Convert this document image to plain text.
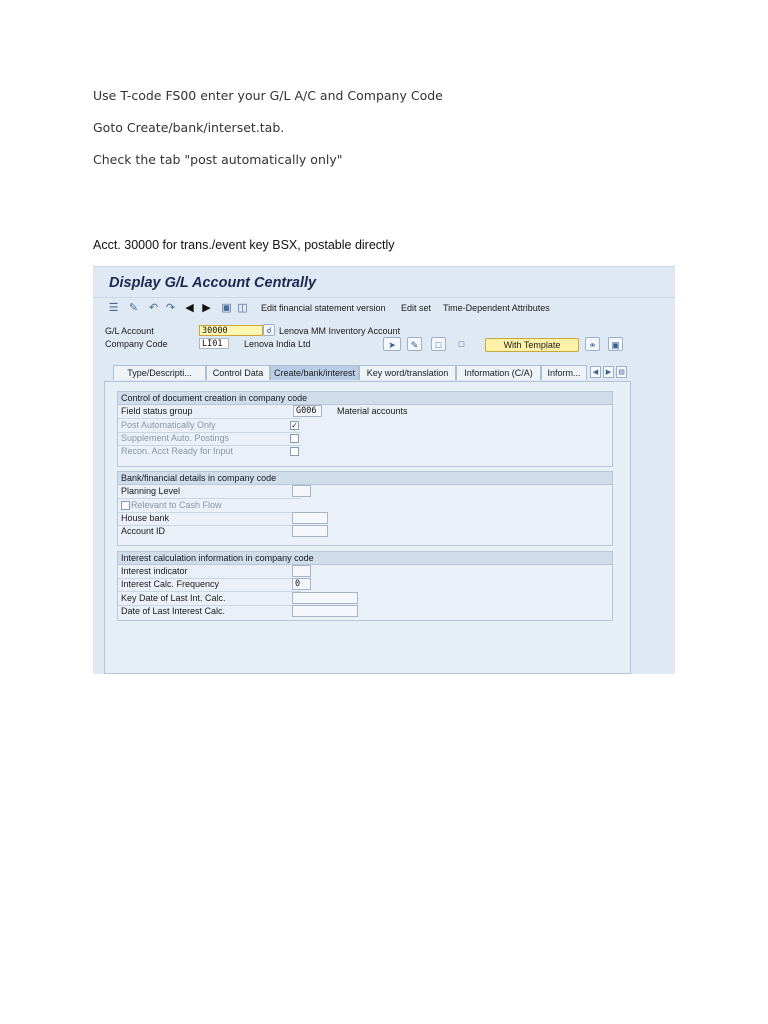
Use T-code FS00 enter your G/L A/C and Company Code
Goto Create/bank/interset.tab.
Check the tab "post automatically only"
Acct. 30000 for trans./event key BSX, postable directly
Display G/L Account Centrally
☰ ✎ ↶ ↷ ◀ ▶ ▣ ◫ Edit financial statement version Edit set Time-Dependent Attributes
G/L Account	30000	☌ Lenova MM Inventory Account
Company Code	LI01	Lenova India Ltd	➤	✎	□	□	With Template	⚭	▣
Type/Descripti...	Control Data	Create/bank/interest	Key word/translation	Information (C/A)	Inform...	◀	▶	▤
Control of document creation in company code
Field status group	G006	Material accounts
Post Automatically Only	✓
Supplement Auto. Postings
Recon. Acct Ready for Input
Bank/financial details in company code
Planning Level
Relevant to Cash Flow
House bank
Account ID
Interest calculation information in company code
Interest indicator
Interest Calc. Frequency	0
Key Date of Last Int. Calc.
Date of Last Interest Calc.
